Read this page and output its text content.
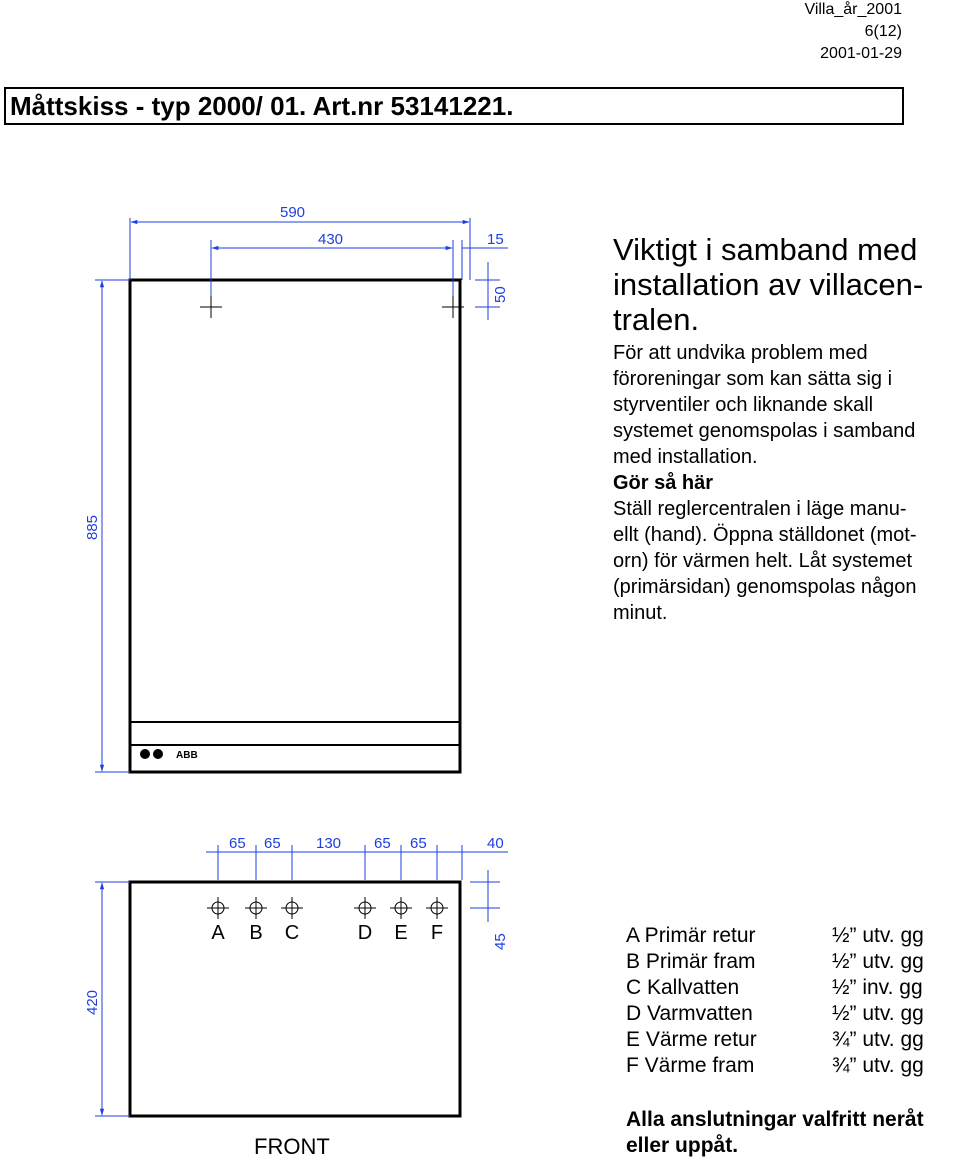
Villa_år_2001
6(12)
2001-01-29
Måttskiss - typ 2000/ 01. Art.nr 53141221.
ABB
590
430	15
50
885
A B C	D E F
65 65 130 65 65	40
45
420
Viktigt i samband med
installation av villacen-
tralen.
För att undvika problem med
föroreningar som kan sätta sig i
styrventiler och liknande skall
systemet genomspolas i samband
med installation.
Gör så här
Ställ reglercentralen i läge manu-
ellt (hand). Öppna ställdonet (mot-
orn) för värmen helt. Låt systemet
(primärsidan) genomspolas någon
minut.
A Primär retur	½” utv. gg
B Primär fram	½” utv. gg
C Kallvatten	½” inv. gg
D Varmvatten	½” utv. gg
E Värme retur	¾” utv. gg
F Värme fram	¾” utv. gg
Alla anslutningar valfritt neråt
eller uppåt.
FRONT
